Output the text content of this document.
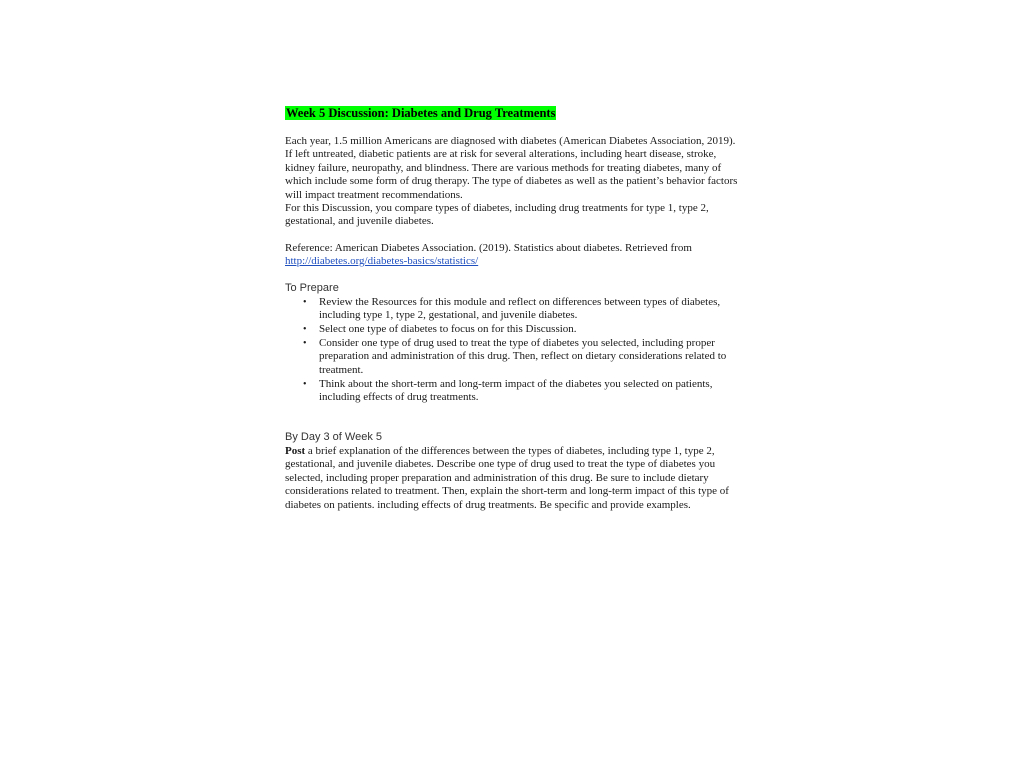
Week 5 Discussion: Diabetes and Drug Treatments

Each year, 1.5 million Americans are diagnosed with diabetes (American Diabetes Association, 2019). If left untreated, diabetic patients are at risk for several alterations, including heart disease, stroke, kidney failure, neuropathy, and blindness. There are various methods for treating diabetes, many of which include some form of drug therapy. The type of diabetes as well as the patient’s behavior factors will impact treatment recommendations.

For this Discussion, you compare types of diabetes, including drug treatments for type 1, type 2, gestational, and juvenile diabetes.

Reference: American Diabetes Association. (2019). Statistics about diabetes. Retrieved from
http://diabetes.org/diabetes-basics/statistics/

To Prepare
• Review the Resources for this module and reflect on differences between types of diabetes, including type 1, type 2, gestational, and juvenile diabetes.
• Select one type of diabetes to focus on for this Discussion.
• Consider one type of drug used to treat the type of diabetes you selected, including proper preparation and administration of this drug. Then, reflect on dietary considerations related to treatment.
• Think about the short-term and long-term impact of the diabetes you selected on patients, including effects of drug treatments.
By Day 3 of Week 5

Post a brief explanation of the differences between the types of diabetes, including type 1, type 2, gestational, and juvenile diabetes. Describe one type of drug used to treat the type of diabetes you selected, including proper preparation and administration of this drug. Be sure to include dietary considerations related to treatment. Then, explain the short-term and long-term impact of this type of diabetes on patients. including effects of drug treatments. Be specific and provide examples.
